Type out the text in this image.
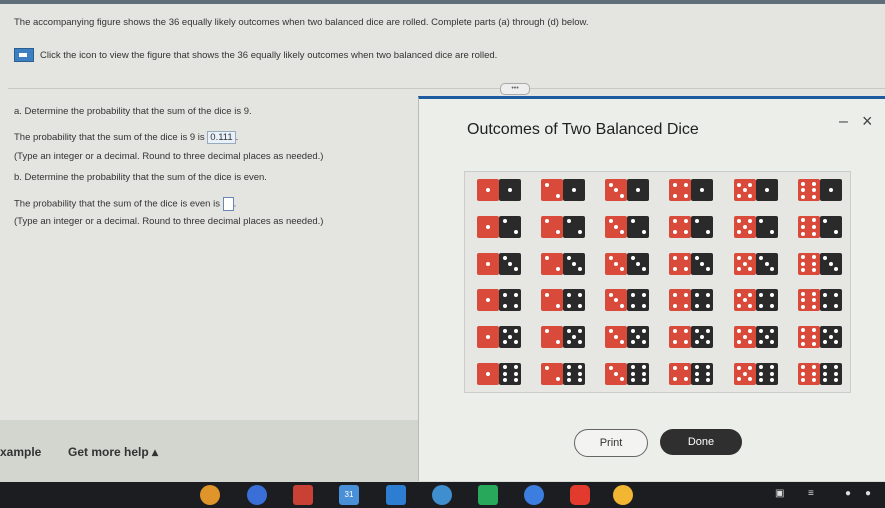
The accompanying figure shows the 36 equally likely outcomes when two balanced dice are rolled. Complete parts (a) through (d) below.
Click the icon to view the figure that shows the 36 equally likely outcomes when two balanced dice are rolled.
•••
a. Determine the probability that the sum of the dice is 9.
The probability that the sum of the dice is 9 is 0.111 .
(Type an integer or a decimal. Round to three decimal places as needed.)
b. Determine the probability that the sum of the dice is even.
The probability that the sum of the dice is even is .
(Type an integer or a decimal. Round to three decimal places as needed.)
Outcomes of Two Balanced Dice	– ×
xample Get more help ▴
Print	Done
31	▣ ≡	● ●
